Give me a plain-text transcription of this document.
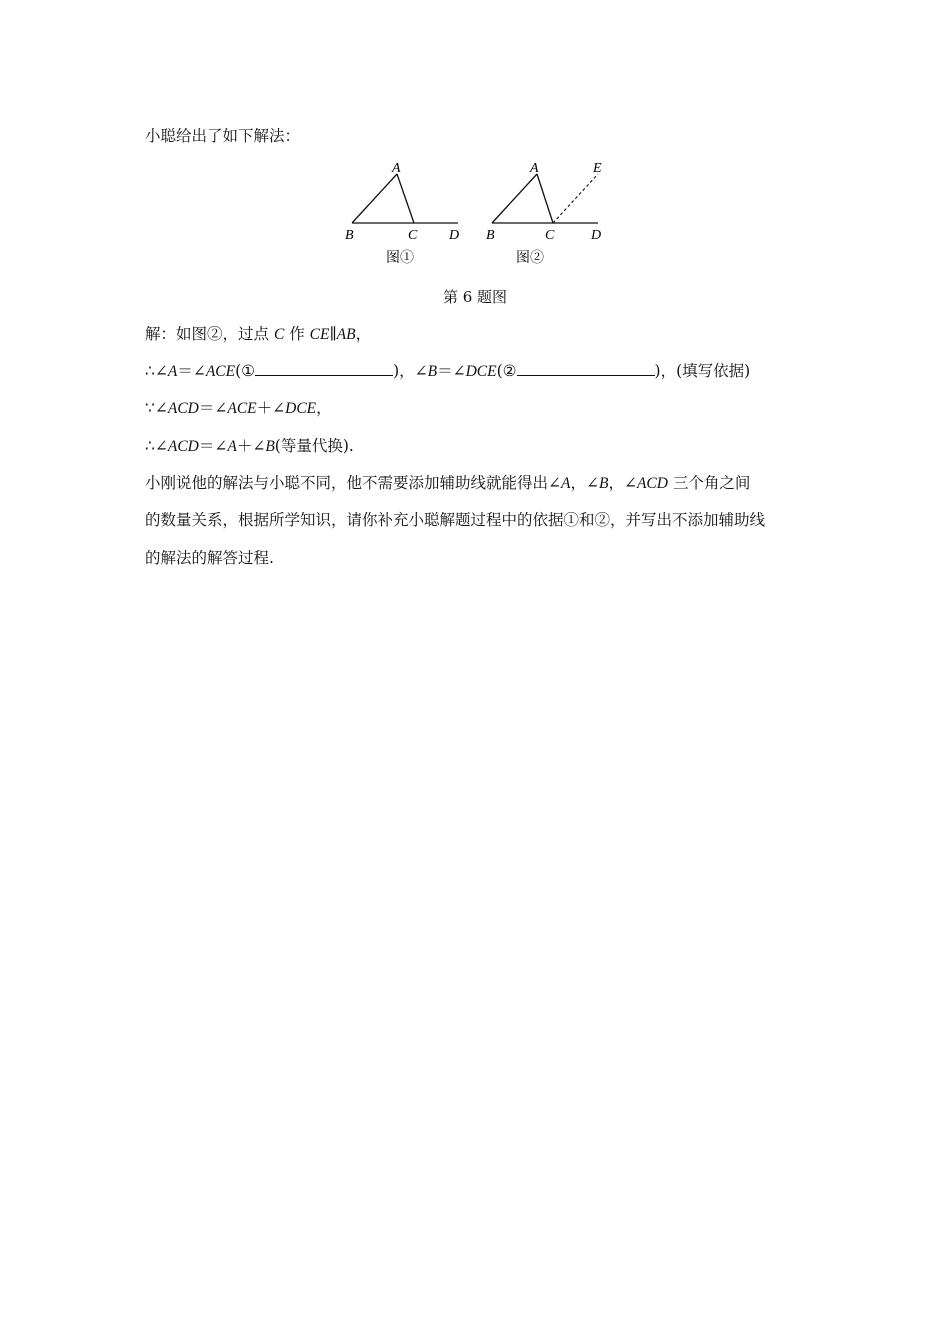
小聪给出了如下解法：
A
B	C D
图①
A	E
B	C	D
图②
第 6 题图
解：如图②，过点 C 作 CE∥AB，
∴∠A＝∠ACE(①	)，∠B＝∠DCE(②	)，(填写依据)
∵∠ACD＝∠ACE＋∠DCE，
∴∠ACD＝∠A＋∠B(等量代换).
小刚说他的解法与小聪不同，他不需要添加辅助线就能得出∠A，∠B，∠ACD 三个角之间
的数量关系，根据所学知识，请你补充小聪解题过程中的依据①和②，并写出不添加辅助线
的解法的解答过程.
